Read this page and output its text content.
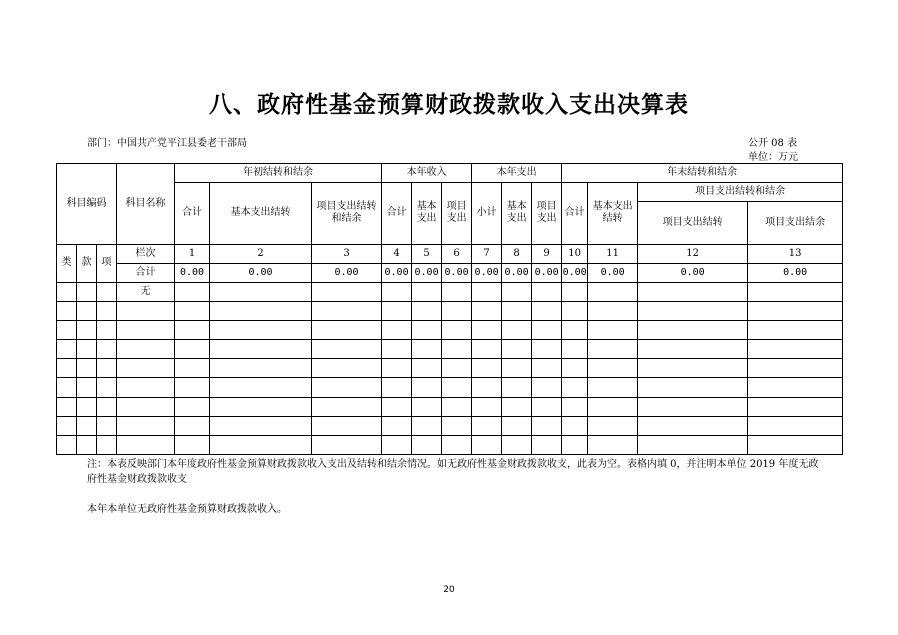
八、政府性基金预算财政拨款收入支出决算表
部门：中国共产党平江县委老干部局	公开 08 表
单位：万元
科目编码			科目名称	年初结转和结余			本年收入			本年支出			年末结转和结余			
				合计	基本支出结转	项目支出结转和结余	合计	基本支出	项目支出	小计	基本支出	项目支出	合计	基本支出结转	项目支出结转和结余	
															项目支出结转	项目支出结余
类	款	项	栏次	1	2	3	4	5	6	7	8	9	10	11	12	13
			合计	0.00	0.00	0.00	0.00	0.00	0.00	0.00	0.00	0.00	0.00	0.00	0.00	0.00
			无													

注：本表反映部门本年度政府性基金预算财政拨款收入支出及结转和结余情况。如无政府性基金财政拨款收支，此表为空。表格内填 0，并注明本单位 2019 年度无政府性基金财政拨款收支
本年本单位无政府性基金预算财政拨款收入。
20
